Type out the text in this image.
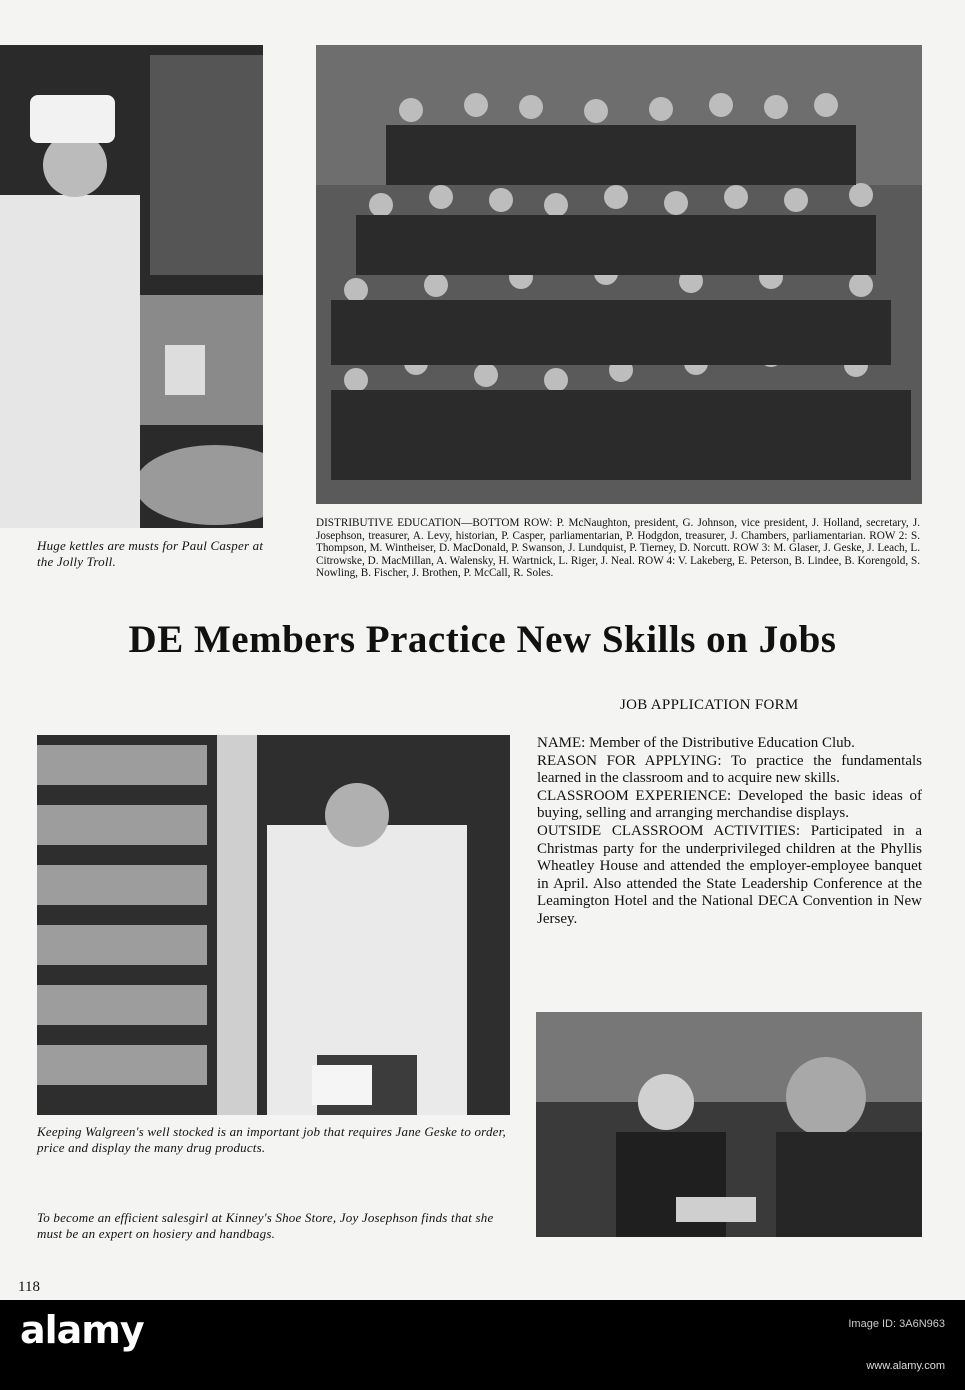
Huge kettles are musts for Paul Casper at the Jolly Troll.
DISTRIBUTIVE EDUCATION—BOTTOM ROW: P. McNaughton, president, G. Johnson, vice president, J. Holland, secretary, J. Josephson, treasurer, A. Levy, historian, P. Casper, parliamentarian, P. Hodgdon, treasurer, J. Chambers, parliamentarian. ROW 2: S. Thompson, M. Wintheiser, D. MacDonald, P. Swanson, J. Lundquist, P. Tierney, D. Norcutt. ROW 3: M. Glaser, J. Geske, J. Leach, L. Citrowske, D. MacMillan, A. Walensky, H. Wartnick, L. Riger, J. Neal. ROW 4: V. Lakeberg, E. Peterson, B. Lindee, B. Korengold, S. Nowling, B. Fischer, J. Brothen, P. McCall, R. Soles.
DE Members Practice New Skills on Jobs
Keeping Walgreen's well stocked is an important job that requires Jane Geske to order, price and display the many drug products.
To become an efficient salesgirl at Kinney's Shoe Store, Joy Josephson finds that she must be an expert on hosiery and handbags.
JOB APPLICATION FORM

NAME: Member of the Distributive Education Club.

REASON FOR APPLYING: To practice the fundamentals learned in the classroom and to acquire new skills.

CLASSROOM EXPERIENCE: Developed the basic ideas of buying, selling and arranging merchandise displays.

OUTSIDE CLASSROOM ACTIVITIES: Participated in a Christmas party for the underprivileged children at the Phyllis Wheatley House and attended the employer-employee banquet in April. Also attended the State Leadership Conference at the Leamington Hotel and the National DECA Convention in New Jersey.

118
alamy	Image ID: 3A6N963
www.alamy.com
